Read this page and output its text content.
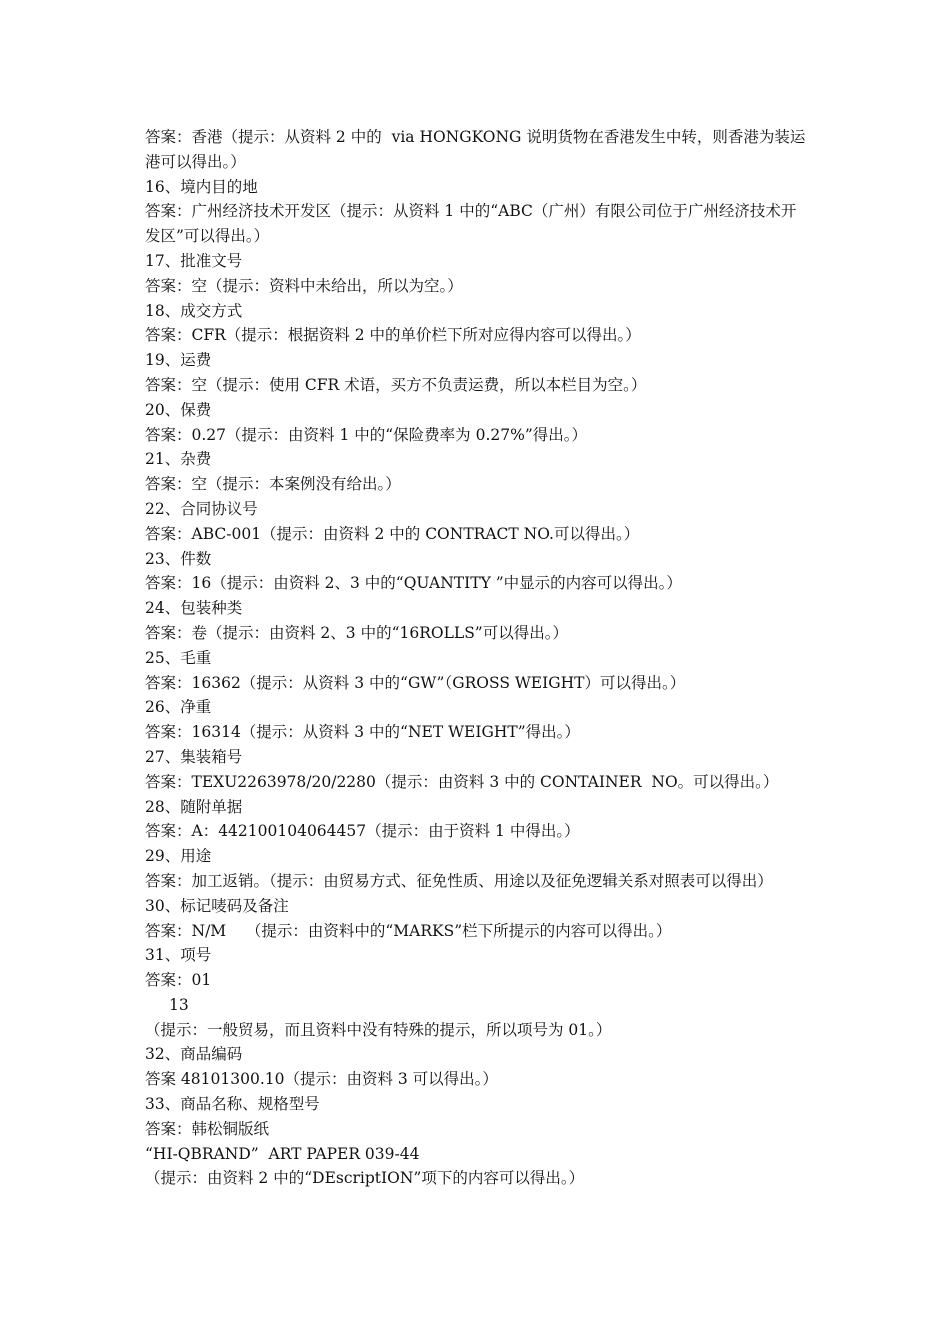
答案：香港（提示：从资料 2 中的  via HONGKONG 说明货物在香港发生中转，则香港为装运港可以得出。）
16、境内目的地
答案：广州经济技术开发区（提示：从资料 1 中的“ABC（广州）有限公司位于广州经济技术开发区”可以得出。）
17、批准文号
答案：空（提示：资料中未给出，所以为空。）
18、成交方式
答案：CFR（提示：根据资料 2 中的单价栏下所对应得内容可以得出。）
19、运费
答案：空（提示：使用 CFR 术语，买方不负责运费，所以本栏目为空。）
20、保费
答案：0.27（提示：由资料 1 中的“保险费率为 0.27%”得出。）
21、杂费
答案：空（提示：本案例没有给出。）
22、合同协议号
答案：ABC-001（提示：由资料 2 中的 CONTRACT NO.可以得出。）
23、件数
答案：16（提示：由资料 2、3 中的“QUANTITY ”中显示的内容可以得出。）
24、包装种类
答案：卷（提示：由资料 2、3 中的“16ROLLS”可以得出。）
25、毛重
答案：16362（提示：从资料 3 中的“GW”（GROSS WEIGHT）可以得出。）
26、净重
答案：16314（提示：从资料 3 中的“NET WEIGHT”得出。）
27、集装箱号
答案：TEXU2263978/20/2280（提示：由资料 3 中的 CONTAINER  NO。可以得出。）
28、随附单据
答案：A：442100104064457（提示：由于资料 1 中得出。）
29、用途
答案：加工返销。（提示：由贸易方式、征免性质、用途以及征免逻辑关系对照表可以得出）
30、标记唛码及备注
答案：N/M    （提示：由资料中的“MARKS”栏下所提示的内容可以得出。）
31、项号
答案：01
13
（提示：一般贸易，而且资料中没有特殊的提示，所以项号为 01。）
32、商品编码
答案 48101300.10（提示：由资料 3 可以得出。）
33、商品名称、规格型号
答案：韩松铜版纸
“HI-QBRAND”  ART PAPER 039-44
（提示：由资料 2 中的“DEscriptION”项下的内容可以得出。）
